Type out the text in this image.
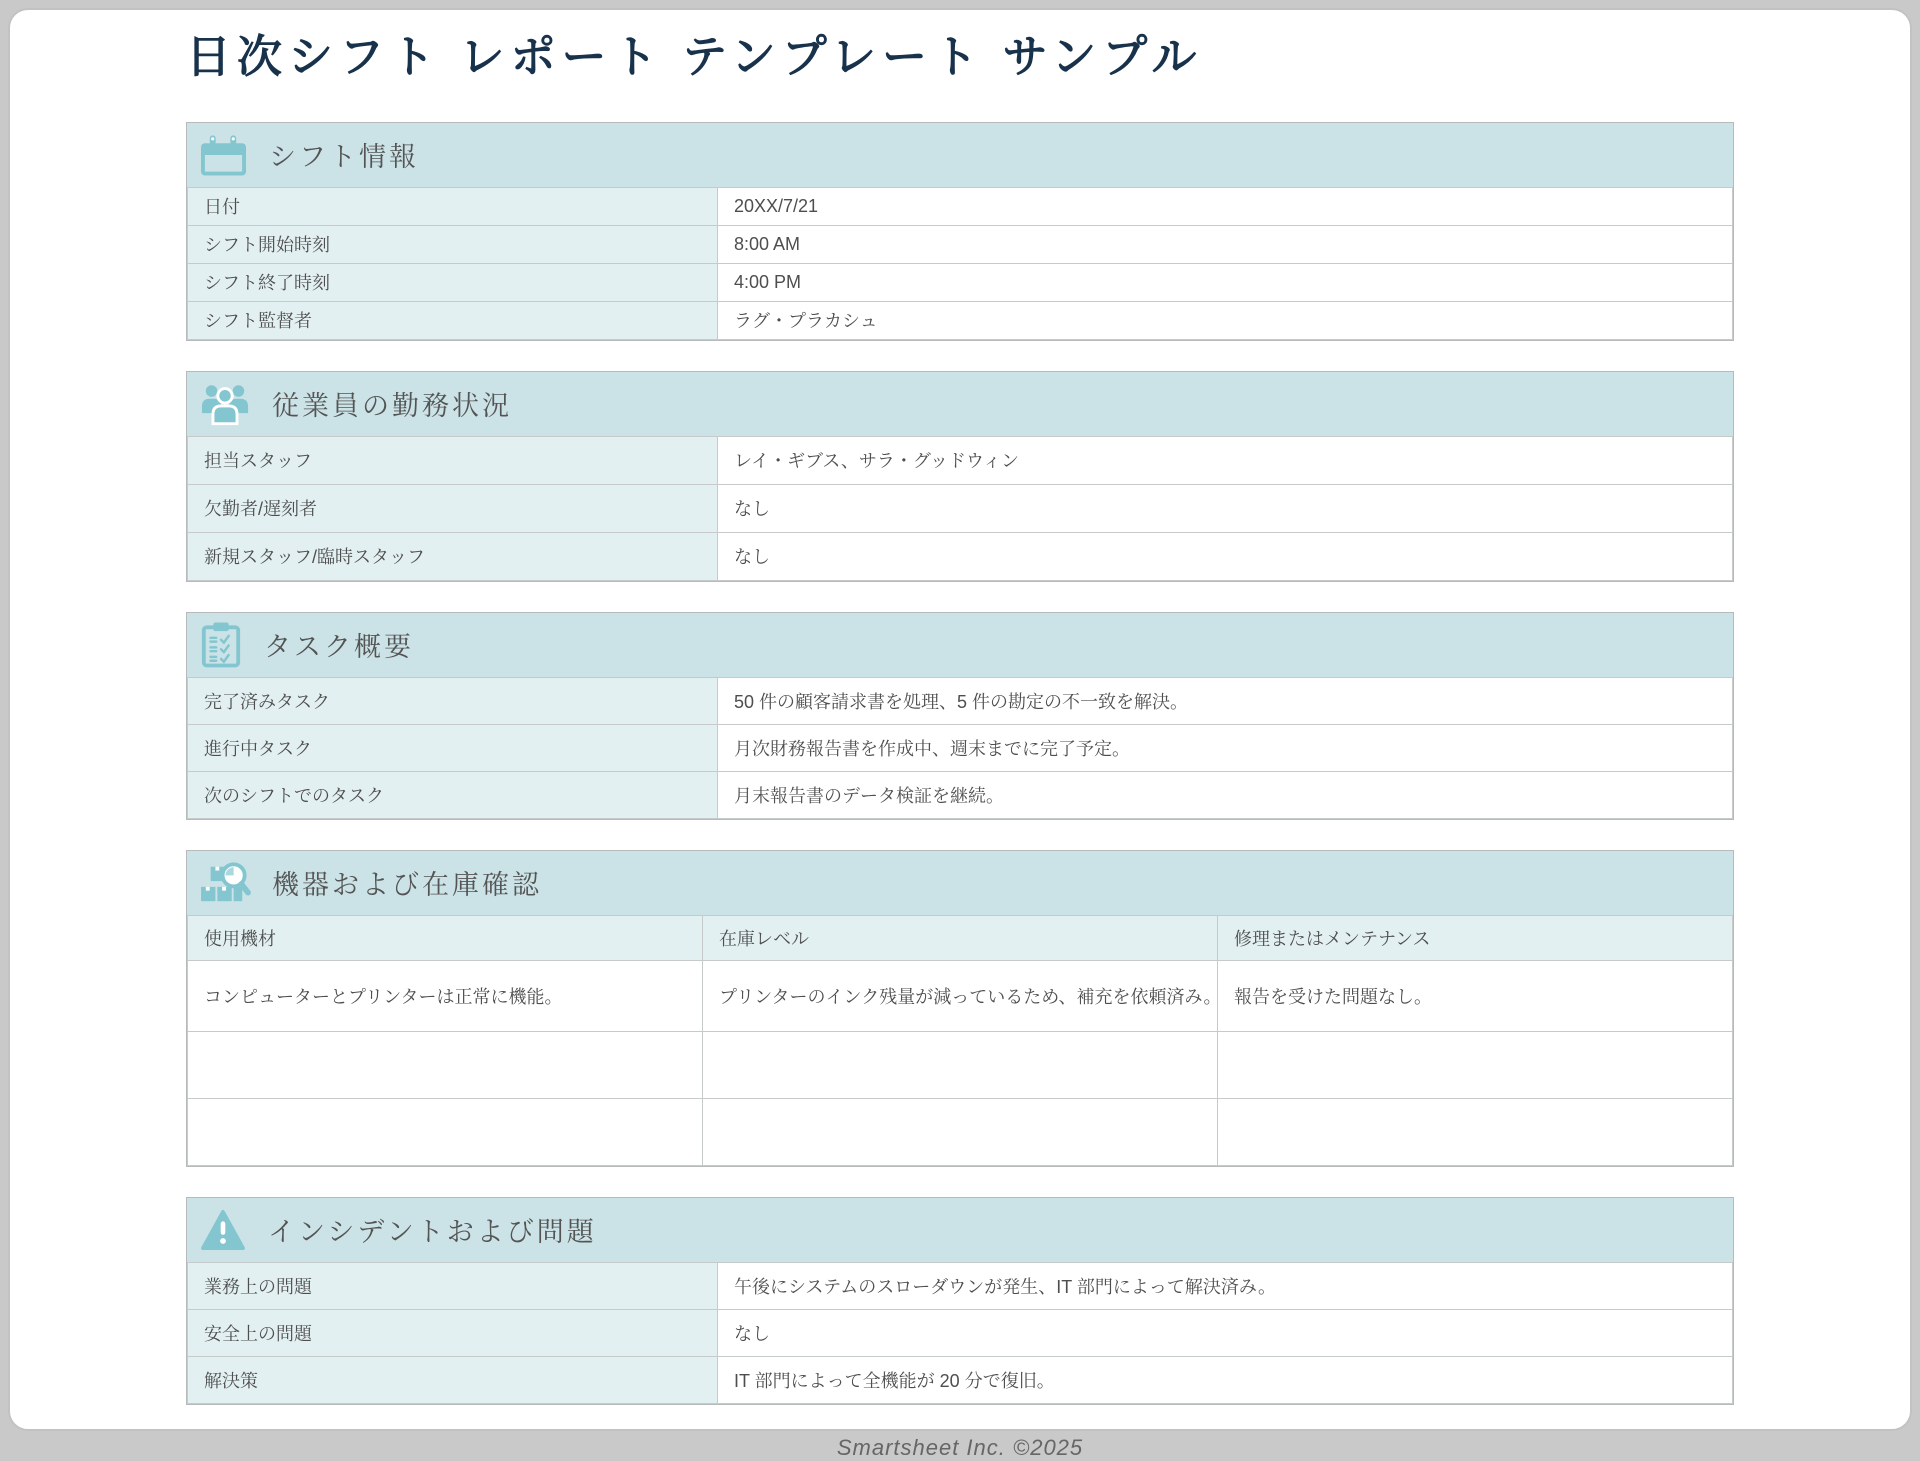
日次シフト レポート テンプレート サンプル
シフト情報
日付	20XX/7/21
シフト開始時刻	8:00 AM
シフト終了時刻	4:00 PM
シフト監督者	ラグ・プラカシュ
従業員の勤務状況
担当スタッフ	レイ・ギブス、サラ・グッドウィン
欠勤者/遅刻者	なし
新規スタッフ/臨時スタッフ	なし
タスク概要
完了済みタスク	50 件の顧客請求書を処理、5 件の勘定の不一致を解決。
進行中タスク	月次財務報告書を作成中、週末までに完了予定。
次のシフトでのタスク	月末報告書のデータ検証を継続。
機器および在庫確認
使用機材	在庫レベル	修理またはメンテナンス
コンピューターとプリンターは正常に機能。	プリンターのインク残量が減っているため、補充を依頼済み。	報告を受けた問題なし。

インシデントおよび問題
業務上の問題	午後にシステムのスローダウンが発生、IT 部門によって解決済み。
安全上の問題	なし
解決策	IT 部門によって全機能が 20 分で復旧。
Smartsheet Inc. ©2025
